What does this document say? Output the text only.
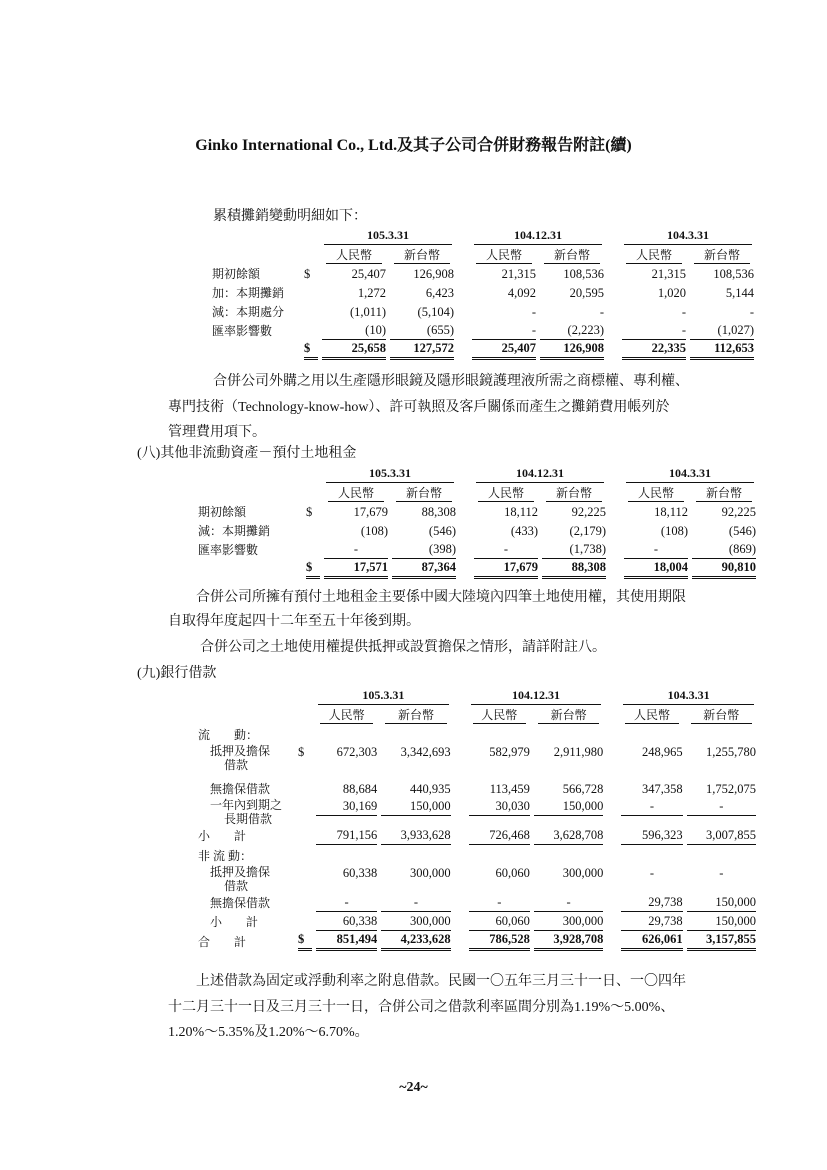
Ginko International Co., Ltd.及其子公司合併財務報告附註(續)
累積攤銷變動明細如下：

		105.3.31			104.12.31			104.3.31	

		人民幣	新台幣		人民幣	新台幣		人民幣	新台幣

期初餘額	$	25,407	126,908		21,315	108,536		21,315	108,536
加：本期攤銷		1,272	6,423		4,092	20,595		1,020	5,144
減：本期處分		(1,011)	(5,104)		-	-		-	-
匯率影響數		(10)	(655)		-	(2,223)		-	(1,027)

	$	25,658	127,572		25,407	126,908		22,335	112,653
合併公司外購之用以生產隱形眼鏡及隱形眼鏡護理液所需之商標權、專利權、
專門技術（Technology-know-how）、許可執照及客戶關係而產生之攤銷費用帳列於
管理費用項下。
(八)其他非流動資產－預付土地租金

		105.3.31			104.12.31			104.3.31	

		人民幣	新台幣		人民幣	新台幣		人民幣	新台幣

期初餘額	$	17,679	88,308		18,112	92,225		18,112	92,225
減：本期攤銷		(108)	(546)		(433)	(2,179)		(108)	(546)
匯率影響數		-	(398)		-	(1,738)		-	(869)

	$	17,571	87,364		17,679	88,308		18,004	90,810
合併公司所擁有預付土地租金主要係中國大陸境內四筆土地使用權，其使用期限
自取得年度起四十二年至五十年後到期。
合併公司之土地使用權提供抵押或設質擔保之情形，請詳附註八。
(九)銀行借款

		105.3.31			104.12.31			104.3.31	

		人民幣	新台幣		人民幣	新台幣		人民幣	新台幣

流　　動：									

抵押及擔保
借款	$	672,303	3,342,693		582,979	2,911,980		248,965	1,255,780
無擔保借款		88,684	440,935		113,459	566,728		347,358	1,752,075

一年內到期之
長期借款		30,169	150,000		30,030	150,000		-	-

小　　計		791,156	3,933,628		726,468	3,628,708		596,323	3,007,855

非 流 動：									

抵押及擔保
借款		60,338	300,000		60,060	300,000		-	-
無擔保借款		-	-		-	-		29,738	150,000

小　　計		60,338	300,000		60,060	300,000		29,738	150,000

合　　計	$	851,494	4,233,628		786,528	3,928,708		626,061	3,157,855
上述借款為固定或浮動利率之附息借款。民國一〇五年三月三十一日、一〇四年
十二月三十一日及三月三十一日，合併公司之借款利率區間分別為1.19%～5.00%、
1.20%～5.35%及1.20%～6.70%。
~24~
